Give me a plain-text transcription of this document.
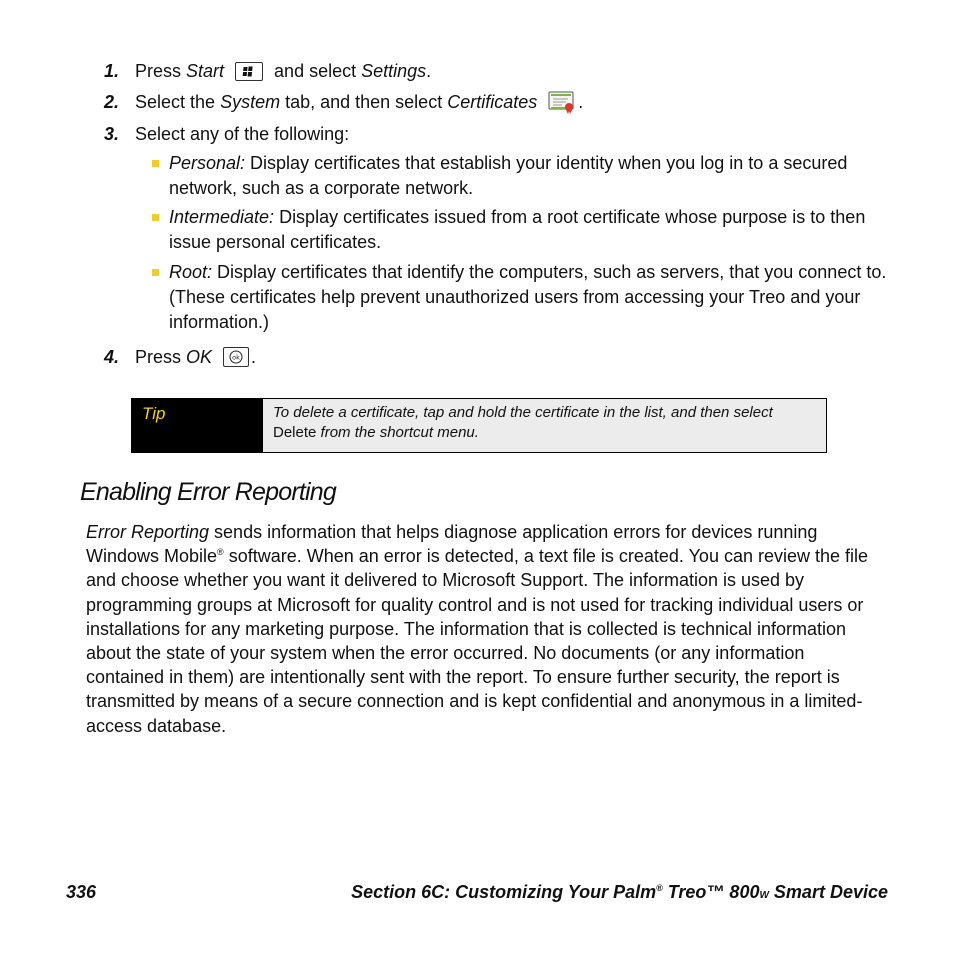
1. Press Start	and select Settings.
2. Select the System tab, and then select Certificates .
3. Select any of the following:
Personal: Display certificates that establish your identity when you log in to a secured network, such as a corporate network.
Intermediate: Display certificates issued from a root certificate whose purpose is to then issue personal certificates.
Root: Display certificates that identify the computers, such as servers, that you connect to. (These certificates help prevent unauthorized users from accessing your Treo and your information.)
4. Press OK	ok .
Tip	To delete a certificate, tap and hold the certificate in the list, and then select Delete from the shortcut menu.
Enabling Error Reporting
Error Reporting sends information that helps diagnose application errors for devices running Windows Mobile® software. When an error is detected, a text file is created. You can review the file and choose whether you want it delivered to Microsoft Support. The information is used by programming groups at Microsoft for quality control and is not used for tracking individual users or installations for any marketing purpose. The information that is collected is technical information about the state of your system when the error occurred. No documents (or any information contained in them) are intentionally sent with the report. To ensure further security, the report is transmitted by means of a secure connection and is kept confidential and anonymous in a limited-access database.
336	Section 6C: Customizing Your Palm® Treo™ 800W Smart Device
